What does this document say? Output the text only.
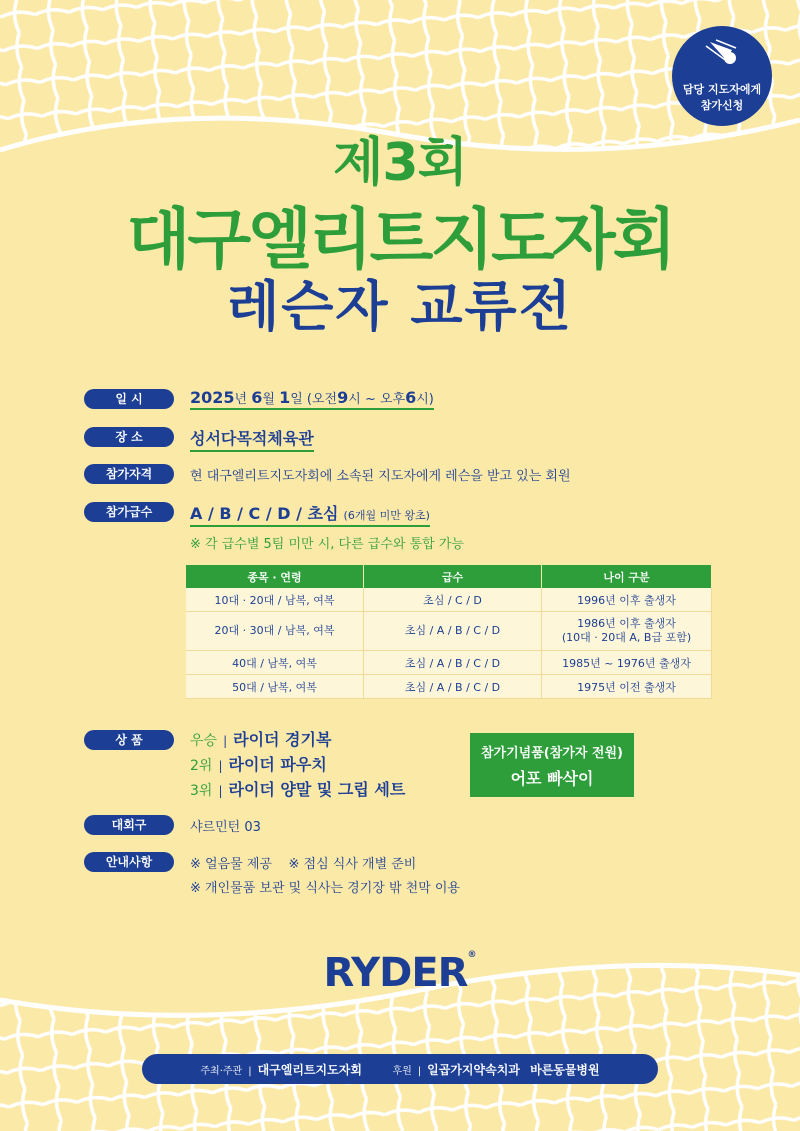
담당 지도자에게
참가신청
제3회
대구엘리트지도자회
레슨자 교류전
일 시	2025년 6월 1일 (오전9시 ~ 오후6시)
장 소	성서다목적체육관
참가자격	현 대구엘리트지도자회에 소속된 지도자에게 레슨을 받고 있는 회원
참가급수	A / B / C / D / 초심 (6개월 미만 왕초)
※ 각 급수별 5팀 미만 시, 다른 급수와 통합 가능
종목 · 연령	급수	나이 구분
10대 · 20대 / 남복, 여복	초심 / C / D	1996년 이후 출생자
20대 · 30대 / 남복, 여복	초심 / A / B / C / D	1986년 이후 출생자
(10대 · 20대 A, B급 포함)

40대 / 남복, 여복	초심 / A / B / C / D	1985년 ~ 1976년 출생자
50대 / 남복, 여복	초심 / A / B / C / D	1975년 이전 출생자
상 품	우승 | 라이더 경기복
2위 | 라이더 파우치
3위 | 라이더 양말 및 그립 세트
참가기념품(참가자 전원)
어포 빠삭이
대회구	샤르민턴 03
안내사항	※ 얼음물 제공 ※ 점심 식사 개별 준비
※ 개인물품 보관 및 식사는 경기장 밖 천막 이용
RYDER®
주최·주관 | 대구엘리트지도자회	후원 | 일곱가지약속치과 바른동물병원
